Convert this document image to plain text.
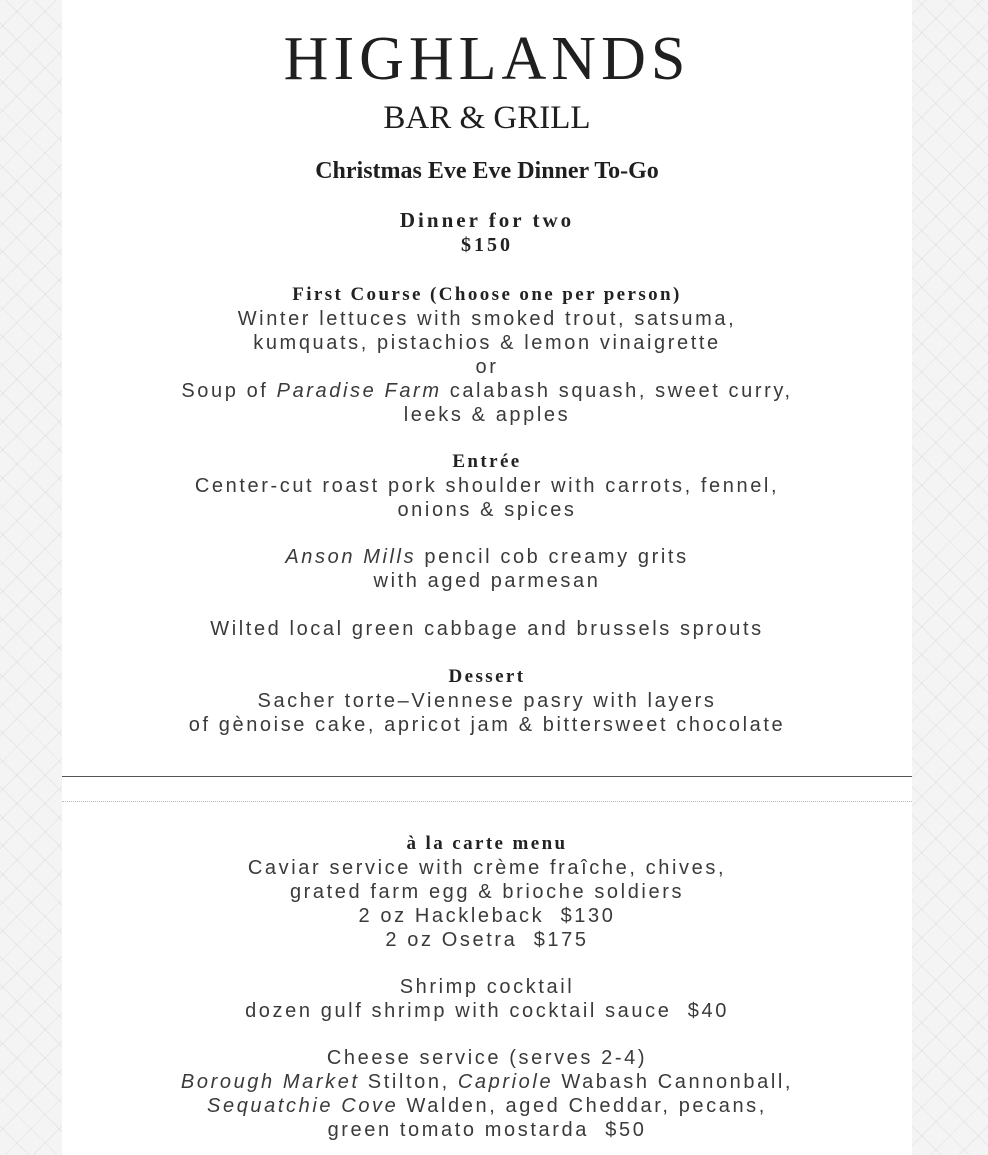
HIGHLANDS
BAR & GRILL
Christmas Eve Eve Dinner To-Go
Dinner for two
$150
First Course (Choose one per person)
Winter lettuces with smoked trout, satsuma,
kumquats, pistachios & lemon vinaigrette
or
Soup of Paradise Farm calabash squash, sweet curry,
leeks & apples
Entrée
Center-cut roast pork shoulder with carrots, fennel,
onions & spices
Anson Mills pencil cob creamy grits
with aged parmesan
Wilted local green cabbage and brussels sprouts
Dessert
Sacher torte–Viennese pasry with layers
of gènoise cake, apricot jam & bittersweet chocolate
à la carte menu
Caviar service with crème fraîche, chives,
grated farm egg & brioche soldiers
2 oz Hackleback  $130
2 oz Osetra  $175
Shrimp cocktail
dozen gulf shrimp with cocktail sauce  $40
Cheese service (serves 2-4)
Borough Market Stilton, Capriole Wabash Cannonball,
Sequatchie Cove Walden, aged Cheddar, pecans,
green tomato mostarda  $50
